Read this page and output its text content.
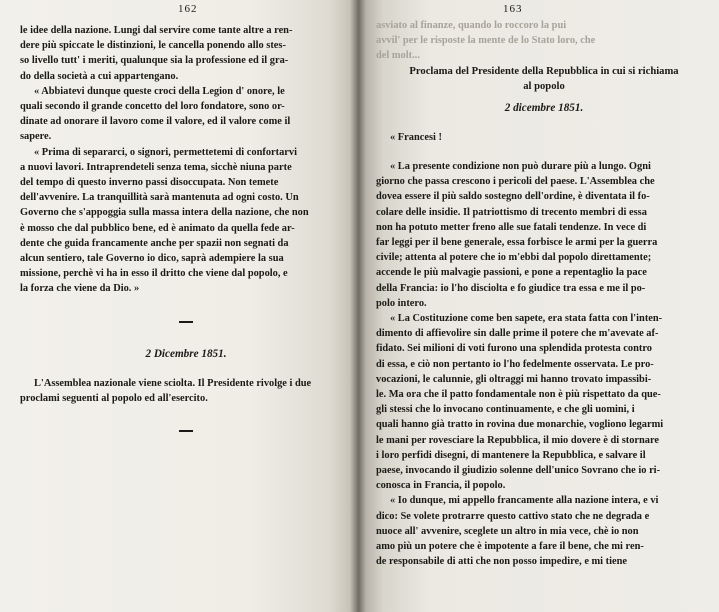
162
le idee della nazione. Lungi dal servire come tante altre a ren-
dere più spiccate le distinzioni, le cancella ponendo allo stes-
so livello tutt' i meriti, qualunque sia la professione ed il gra-
do della società a cui appartengano.
« Abbiatevi dunque queste croci della Legion d' onore, le
quali secondo il grande concetto del loro fondatore, sono or-
dinate ad onorare il lavoro come il valore, ed il valore come il
sapere.
« Prima di separarci, o signori, permettetemi di confortarvi
a nuovi lavori. Intraprendeteli senza tema, sicchè niuna parte
del tempo di questo inverno passi disoccupata. Non temete
dell'avvenire. La tranquillità sarà mantenuta ad ogni costo. Un
Governo che s'appoggia sulla massa intera della nazione, che non
è mosso che dal pubblico bene, ed è animato da quella fede ar-
dente che guida francamente anche per spazii non segnati da
alcun sentiero, tale Governo io dico, saprà adempiere la sua
missione, perchè vi ha in esso il dritto che viene dal popolo, e
la forza che viene da Dio. »
2 Dicembre 1851.
L'Assemblea nazionale viene sciolta. Il Presidente rivolge i due
proclami seguenti al popolo ed all'esercito.
163
asviato al finanze, quando lo roccoro la pui
avvil' per le risposte la mente de lo Stato loro, che
del molt...
Proclama del Presidente della Repubblica in cui si richiama
al popolo
2 dicembre 1851.
« Francesi !
« La presente condizione non può durare più a lungo. Ogni
giorno che passa crescono i pericoli del paese. L'Assemblea che
dovea essere il più saldo sostegno dell'ordine, è diventata il fo-
colare delle insidie. Il patriottismo di trecento membri di essa
non ha potuto metter freno alle sue fatali tendenze. In vece di
far leggi per il bene generale, essa forbisce le armi per la guerra
civile; attenta al potere che io m'ebbi dal popolo direttamente;
accende le più malvagie passioni, e pone a repentaglio la pace
della Francia: io l'ho disciolta e fo giudice tra essa e me il po-
polo intero.
« La Costituzione come ben sapete, era stata fatta con l'inten-
dimento di affievolire sin dalle prime il potere che m'avevate af-
fidato. Sei milioni di voti furono una splendida protesta contro
di essa, e ciò non pertanto io l'ho fedelmente osservata. Le pro-
vocazioni, le calunnie, gli oltraggi mi hanno trovato impassibi-
le. Ma ora che il patto fondamentale non è più rispettato da que-
gli stessi che lo invocano continuamente, e che gli uomini, i
quali hanno già tratto in rovina due monarchie, vogliono legarmi
le mani per rovesciare la Repubblica, il mio dovere è di stornare
i loro perfidi disegni, di mantenere la Repubblica, e salvare il
paese, invocando il giudizio solenne dell'unico Sovrano che io ri-
conosca in Francia, il popolo.
« Io dunque, mi appello francamente alla nazione intera, e vi
dico: Se volete protrarre questo cattivo stato che ne degrada e
nuoce all' avvenire, sceglete un altro in mia vece, chè io non
amo più un potere che è impotente a fare il bene, che mi ren-
de responsabile di atti che non posso impedire, e mi tiene
